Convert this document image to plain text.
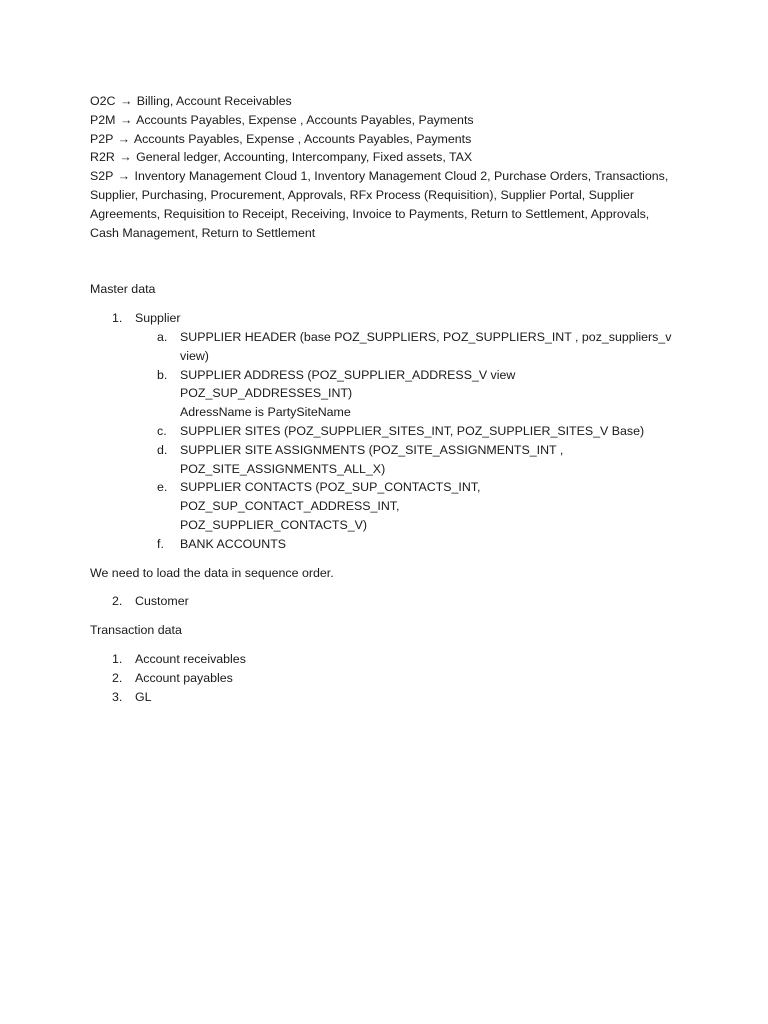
O2C → Billing, Account Receivables
P2M → Accounts Payables, Expense , Accounts Payables, Payments
P2P → Accounts Payables, Expense , Accounts Payables, Payments
R2R → General ledger, Accounting, Intercompany, Fixed assets, TAX
S2P → Inventory Management Cloud 1, Inventory Management Cloud 2, Purchase Orders, Transactions,
Supplier, Purchasing, Procurement, Approvals, RFx Process (Requisition), Supplier Portal, Supplier
Agreements, Requisition to Receipt, Receiving, Invoice to Payments, Return to Settlement, Approvals,
Cash Management, Return to Settlement
Master data
1. Supplier
a. SUPPLIER HEADER (base POZ_SUPPLIERS, POZ_SUPPLIERS_INT , poz_suppliers_v view)
b. SUPPLIER ADDRESS (POZ_SUPPLIER_ADDRESS_V view POZ_SUP_ADDRESSES_INT)
AdressName is PartySiteName
c. SUPPLIER SITES (POZ_SUPPLIER_SITES_INT, POZ_SUPPLIER_SITES_V Base)
d. SUPPLIER SITE ASSIGNMENTS (POZ_SITE_ASSIGNMENTS_INT ,
POZ_SITE_ASSIGNMENTS_ALL_X)
e. SUPPLIER CONTACTS (POZ_SUP_CONTACTS_INT, POZ_SUP_CONTACT_ADDRESS_INT,
POZ_SUPPLIER_CONTACTS_V)
f. BANK ACCOUNTS
We need to load the data in sequence order.
2. Customer
Transaction data
1. Account receivables
2. Account payables
3. GL
